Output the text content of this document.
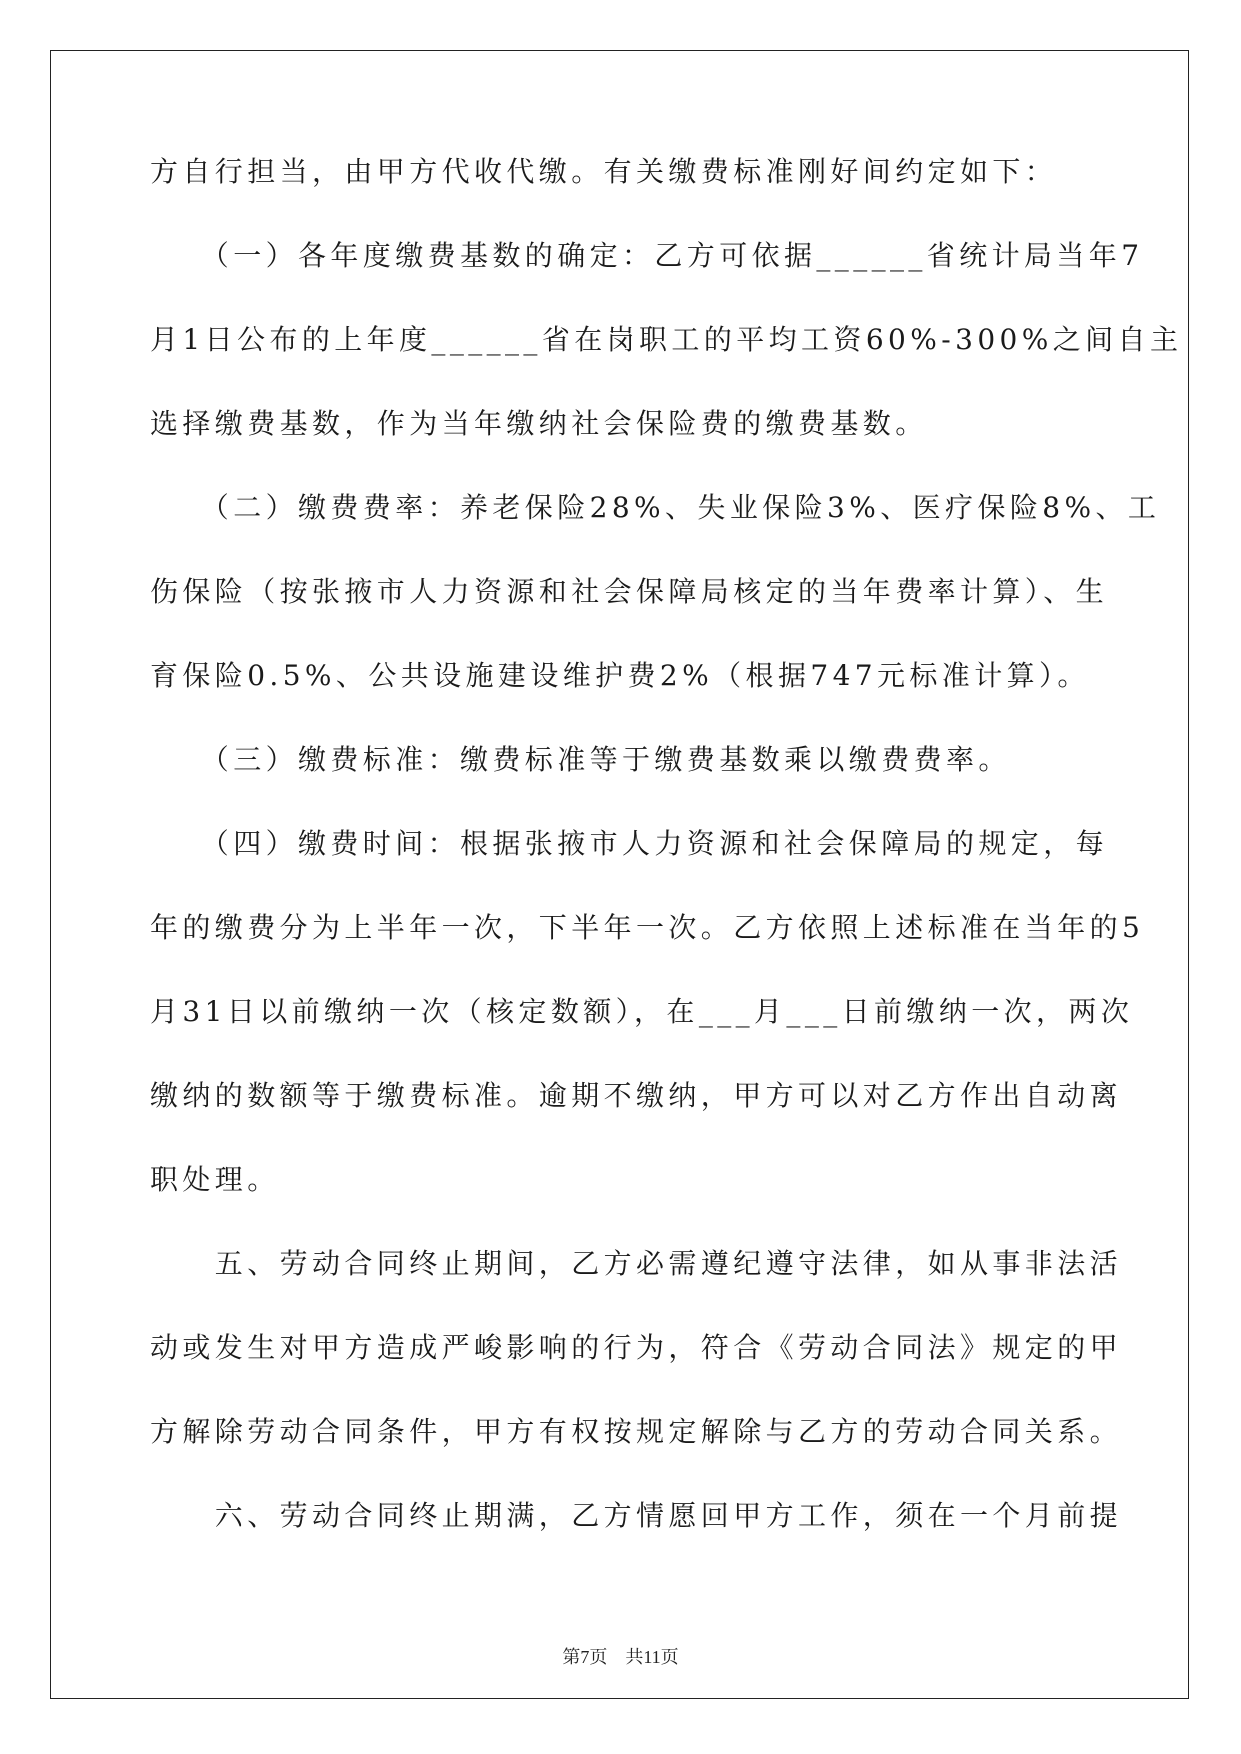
方自行担当，由甲方代收代缴。有关缴费标准刚好间约定如下：
　　（一）各年度缴费基数的确定：乙方可依据______省统计局当年7
月1日公布的上年度______省在岗职工的平均工资60%-300%之间自主
选择缴费基数，作为当年缴纳社会保险费的缴费基数。
　　（二）缴费费率：养老保险28%、失业保险3%、医疗保险8%、工
伤保险（按张掖市人力资源和社会保障局核定的当年费率计算）、生
育保险0.5%、公共设施建设维护费2%（根据747元标准计算）。
　　（三）缴费标准：缴费标准等于缴费基数乘以缴费费率。
　　（四）缴费时间：根据张掖市人力资源和社会保障局的规定，每
年的缴费分为上半年一次，下半年一次。乙方依照上述标准在当年的5
月31日以前缴纳一次（核定数额），在___月___日前缴纳一次，两次
缴纳的数额等于缴费标准。逾期不缴纳，甲方可以对乙方作出自动离
职处理。
　　五、劳动合同终止期间，乙方必需遵纪遵守法律，如从事非法活
动或发生对甲方造成严峻影响的行为，符合《劳动合同法》规定的甲
方解除劳动合同条件，甲方有权按规定解除与乙方的劳动合同关系。
　　六、劳动合同终止期满，乙方情愿回甲方工作，须在一个月前提
第7页　共11页
